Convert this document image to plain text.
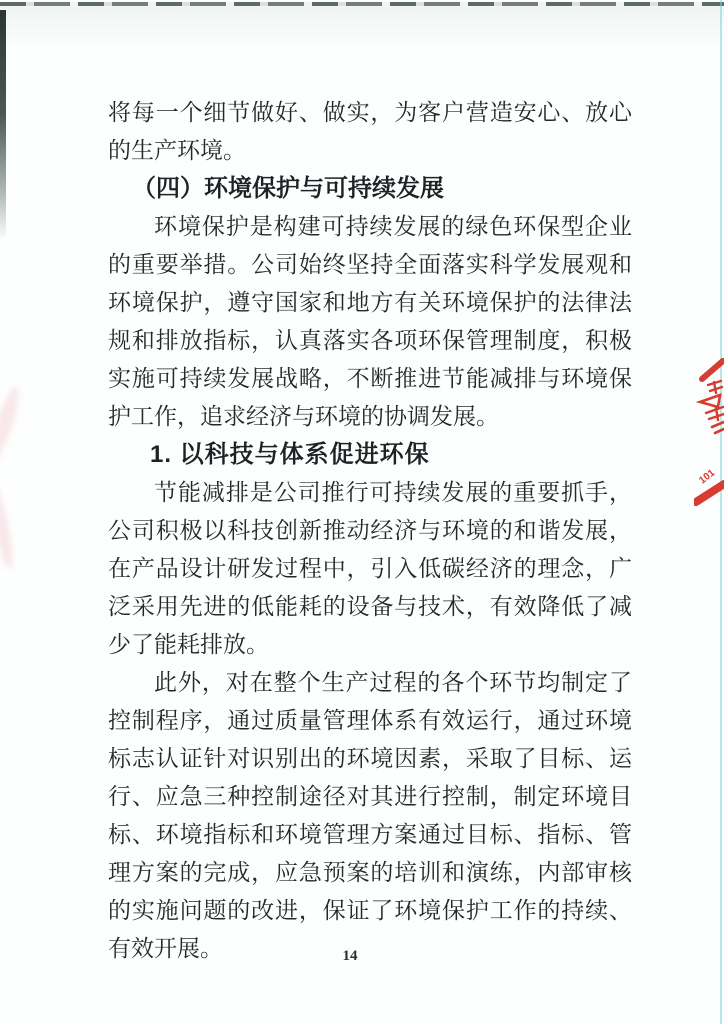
101

将每一个细节做好、做实，为客户营造安心、放心的生产环境。

（四）环境保护与可持续发展

环境保护是构建可持续发展的绿色环保型企业的重要举措。公司始终坚持全面落实科学发展观和环境保护，遵守国家和地方有关环境保护的法律法规和排放指标，认真落实各项环保管理制度，积极实施可持续发展战略，不断推进节能减排与环境保护工作，追求经济与环境的协调发展。

1. 以科技与体系促进环保

节能减排是公司推行可持续发展的重要抓手，公司积极以科技创新推动经济与环境的和谐发展，在产品设计研发过程中，引入低碳经济的理念，广泛采用先进的低能耗的设备与技术，有效降低了减少了能耗排放。

此外，对在整个生产过程的各个环节均制定了控制程序，通过质量管理体系有效运行，通过环境标志认证针对识别出的环境因素，采取了目标、运行、应急三种控制途径对其进行控制，制定环境目标、环境指标和环境管理方案通过目标、指标、管理方案的完成，应急预案的培训和演练，内部审核的实施问题的改进，保证了环境保护工作的持续、有效开展。	14
